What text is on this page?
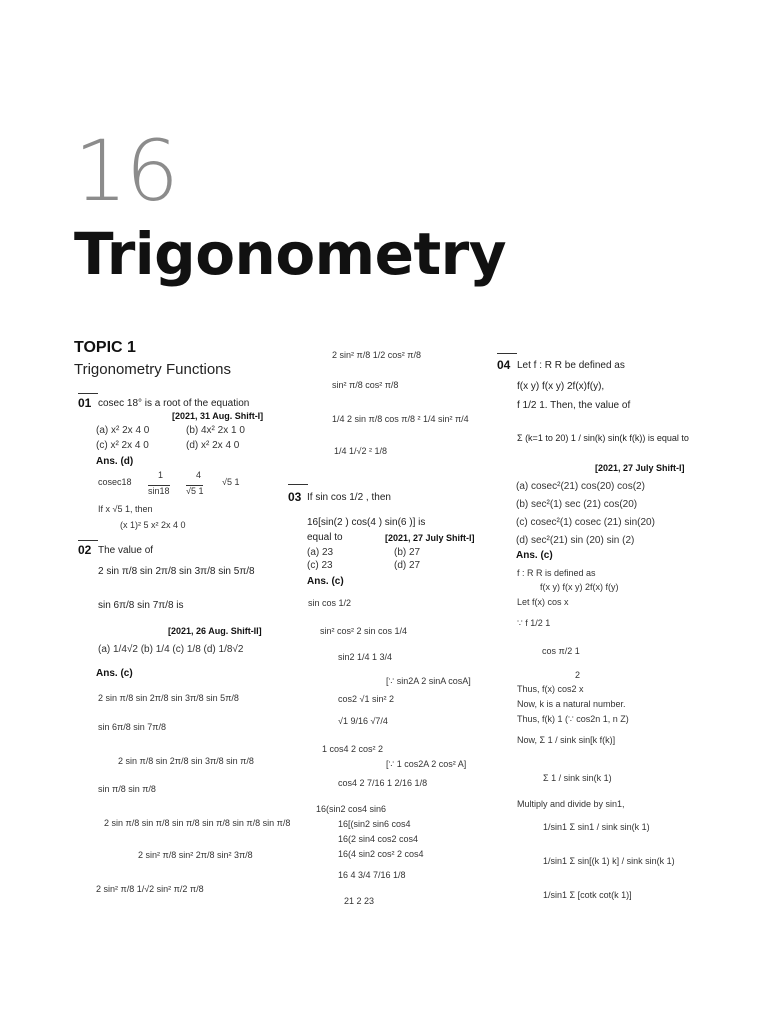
16
Trigonometry
TOPIC 1
Trigonometry Functions
01 cosec 18° is a root of the equation
[2021, 31 Aug. Shift-I]
(a) x² 2x 4 0	(b) 4x² 2x 1 0
(c) x² 2x 4 0	(d) x² 2x 4 0
Ans. (d)
cosec18
1
sin18
4
√5 1
√5 1
If x √5 1, then
(x 1)² 5 x² 2x 4 0
02 The value of
2 sin π/8 sin 2π/8 sin 3π/8 sin 5π/8
sin 6π/8 sin 7π/8 is
[2021, 26 Aug. Shift-II]
(a) 1/4√2 (b) 1/4 (c) 1/8 (d) 1/8√2
Ans. (c)
2 sin π/8 sin 2π/8 sin 3π/8 sin 5π/8
sin 6π/8 sin 7π/8
2 sin π/8 sin 2π/8 sin 3π/8 sin π/8
sin π/8 sin π/8
2 sin π/8 sin π/8 sin π/8 sin π/8 sin π/8 sin π/8
2 sin² π/8 sin² 2π/8 sin² 3π/8
2 sin² π/8 1/√2 sin² π/2 π/8
2 sin² π/8 1/2 cos² π/8
sin² π/8 cos² π/8
1/4 2 sin π/8 cos π/8 ² 1/4 sin² π/4
1/4 1/√2 ² 1/8
03 If sin cos 1/2 , then
16[sin(2 ) cos(4 ) sin(6 )] is
equal to	[2021, 27 July Shift-I]
(a) 23	(b) 27
(c) 23	(d) 27
Ans. (c)
sin cos 1/2
sin² cos² 2 sin cos 1/4
sin2 1/4 1 3/4
[∵ sin2A 2 sinA cosA]
cos2 √1 sin² 2
√1 9/16 √7/4
1 cos4 2 cos² 2
[∵ 1 cos2A 2 cos² A]
cos4 2 7/16 1 2/16 1/8
16(sin2 cos4 sin6
16[(sin2 sin6 cos4
16(2 sin4 cos2 cos4
16(4 sin2 cos² 2 cos4
16 4 3/4 7/16 1/8
21 2 23
04 Let f : R R be defined as
f(x y) f(x y) 2f(x)f(y),
f 1/2 1. Then, the value of
Σ (k=1 to 20) 1 / sin(k) sin(k f(k)) is equal to
[2021, 27 July Shift-I]
(a) cosec²(21) cos(20) cos(2)
(b) sec²(1) sec (21) cos(20)
(c) cosec²(1) cosec (21) sin(20)
(d) sec²(21) sin (20) sin (2)
Ans. (c)
f : R R is defined as
f(x y) f(x y) 2f(x) f(y)
Let f(x) cos x
∵ f 1/2 1
cos π/2 1
2
Thus, f(x) cos2 x
Now, k is a natural number.
Thus, f(k) 1 (∵ cos2n 1, n Z)
Now, Σ 1 / sink sin[k f(k)]
Σ 1 / sink sin(k 1)
Multiply and divide by sin1,
1/sin1 Σ sin1 / sink sin(k 1)
1/sin1 Σ sin[(k 1) k] / sink sin(k 1)
1/sin1 Σ [cotk cot(k 1)]
